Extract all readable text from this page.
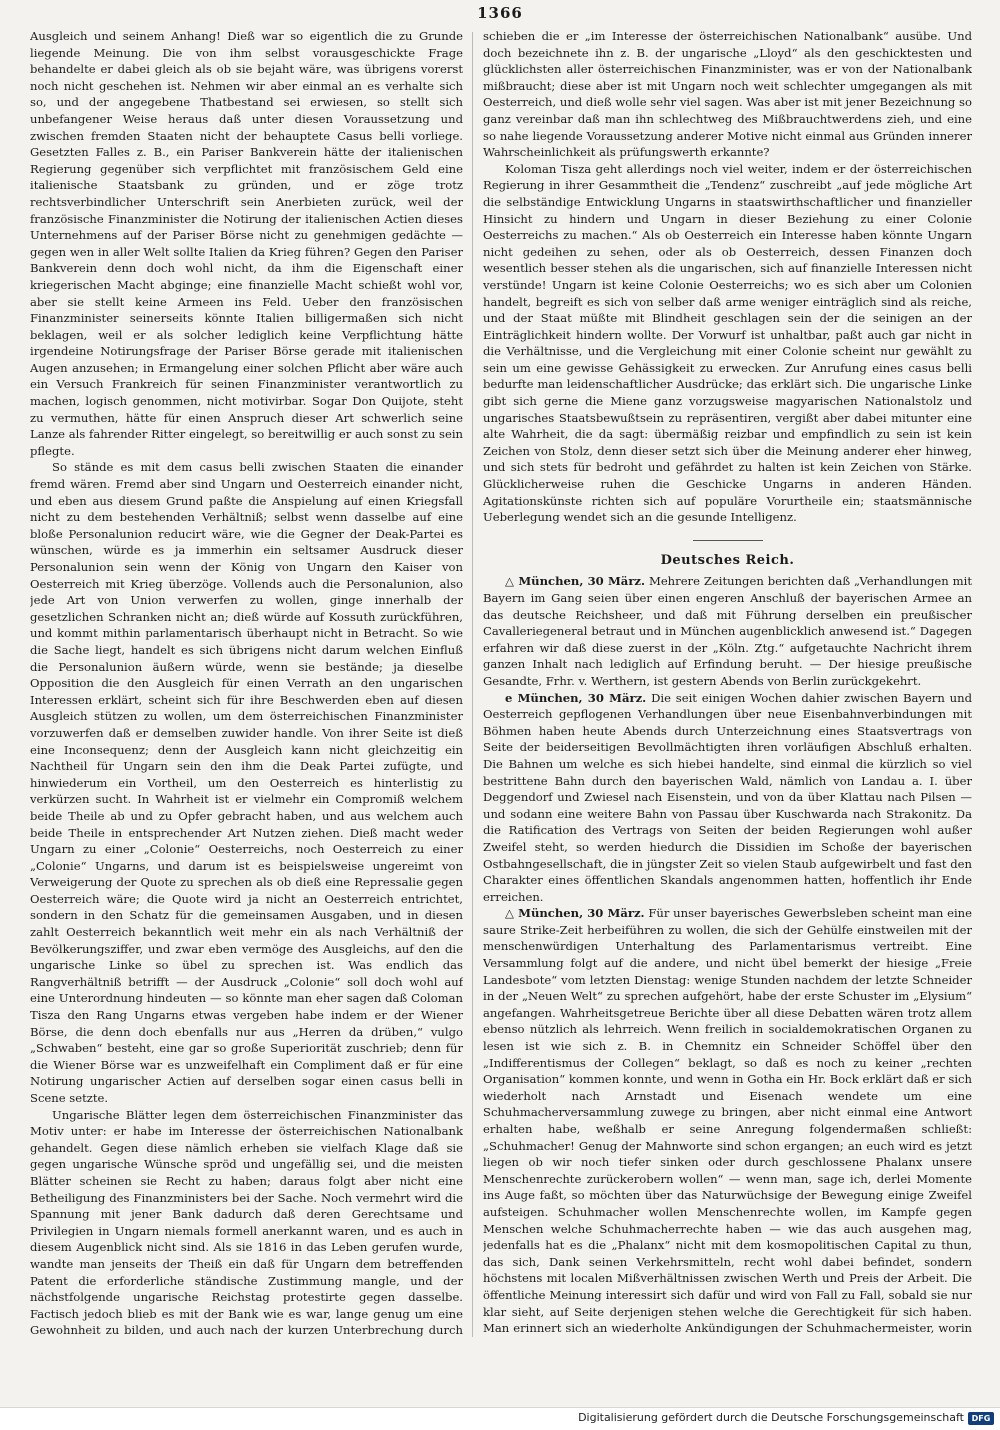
1366

Ausgleich und seinem Anhang! Dieß war so eigentlich die zu Grunde liegende Meinung. Die von ihm selbst vorausgeschickte Frage behandelte er dabei gleich als ob sie bejaht wäre, was übrigens vorerst noch nicht geschehen ist. Nehmen wir aber einmal an es verhalte sich so, und der angegebene Thatbestand sei erwiesen, so stellt sich unbefangener Weise heraus daß unter diesen Voraussetzung und zwischen fremden Staaten nicht der behauptete Casus belli vorliege. Gesetzten Falles z. B., ein Pariser Bankverein hätte der italienischen Regierung gegenüber sich verpflichtet mit französischem Geld eine italienische Staatsbank zu gründen, und er zöge trotz rechtsverbindlicher Unterschrift sein Anerbieten zurück, weil der französische Finanzminister die Notirung der italienischen Actien dieses Unternehmens auf der Pariser Börse nicht zu genehmigen gedächte — gegen wen in aller Welt sollte Italien da Krieg führen? Gegen den Pariser Bankverein denn doch wohl nicht, da ihm die Eigenschaft einer kriegerischen Macht abginge; eine finanzielle Macht schießt wohl vor, aber sie stellt keine Armeen ins Feld. Ueber den französischen Finanzminister seinerseits könnte Italien billigermaßen sich nicht beklagen, weil er als solcher lediglich keine Verpflichtung hätte irgendeine Notirungsfrage der Pariser Börse gerade mit italienischen Augen anzusehen; in Ermangelung einer solchen Pflicht aber wäre auch ein Versuch Frankreich für seinen Finanzminister verantwortlich zu machen, logisch genommen, nicht motivirbar. Sogar Don Quijote, steht zu vermuthen, hätte für einen Anspruch dieser Art schwerlich seine Lanze als fahrender Ritter eingelegt, so bereitwillig er auch sonst zu sein pflegte.

So stände es mit dem casus belli zwischen Staaten die einander fremd wären. Fremd aber sind Ungarn und Oesterreich einander nicht, und eben aus diesem Grund paßte die Anspielung auf einen Kriegsfall nicht zu dem bestehenden Verhältniß; selbst wenn dasselbe auf eine bloße Personalunion reducirt wäre, wie die Gegner der Deak-Partei es wünschen, würde es ja immerhin ein seltsamer Ausdruck dieser Personalunion sein wenn der König von Ungarn den Kaiser von Oesterreich mit Krieg überzöge. Vollends auch die Personalunion, also jede Art von Union verwerfen zu wollen, ginge innerhalb der gesetzlichen Schranken nicht an; dieß würde auf Kossuth zurückführen, und kommt mithin parlamentarisch überhaupt nicht in Betracht. So wie die Sache liegt, handelt es sich übrigens nicht darum welchen Einfluß die Personalunion äußern würde, wenn sie bestände; ja dieselbe Opposition die den Ausgleich für einen Verrath an den ungarischen Interessen erklärt, scheint sich für ihre Beschwerden eben auf diesen Ausgleich stützen zu wollen, um dem österreichischen Finanzminister vorzuwerfen daß er demselben zuwider handle. Von ihrer Seite ist dieß eine Inconsequenz; denn der Ausgleich kann nicht gleichzeitig ein Nachtheil für Ungarn sein den ihm die Deak Partei zufügte, und hinwiederum ein Vortheil, um den Oesterreich es hinterlistig zu verkürzen sucht. In Wahrheit ist er vielmehr ein Compromiß welchem beide Theile ab und zu Opfer gebracht haben, und aus welchem auch beide Theile in entsprechender Art Nutzen ziehen. Dieß macht weder Ungarn zu einer „Colonie“ Oesterreichs, noch Oesterreich zu einer „Colonie“ Ungarns, und darum ist es beispielsweise ungereimt von Verweigerung der Quote zu sprechen als ob dieß eine Repressalie gegen Oesterreich wäre; die Quote wird ja nicht an Oesterreich entrichtet, sondern in den Schatz für die gemeinsamen Ausgaben, und in diesen zahlt Oesterreich bekanntlich weit mehr ein als nach Verhältniß der Bevölkerungsziffer, und zwar eben vermöge des Ausgleichs, auf den die ungarische Linke so übel zu sprechen ist. Was endlich das Rangverhältniß betrifft — der Ausdruck „Colonie“ soll doch wohl auf eine Unterordnung hindeuten — so könnte man eher sagen daß Coloman Tisza den Rang Ungarns etwas vergeben habe indem er der Wiener Börse, die denn doch ebenfalls nur aus „Herren da drüben,“ vulgo „Schwaben“ besteht, eine gar so große Superiorität zuschrieb; denn für die Wiener Börse war es unzweifelhaft ein Compliment daß er für eine Notirung ungarischer Actien auf derselben sogar einen casus belli in Scene setzte.

Ungarische Blätter legen dem österreichischen Finanzminister das Motiv unter: er habe im Interesse der österreichischen Nationalbank gehandelt. Gegen diese nämlich erheben sie vielfach Klage daß sie gegen ungarische Wünsche spröd und ungefällig sei, und die meisten Blätter scheinen sie Recht zu haben; daraus folgt aber nicht eine Betheiligung des Finanzministers bei der Sache. Noch vermehrt wird die Spannung mit jener Bank dadurch daß deren Gerechtsame und Privilegien in Ungarn niemals formell anerkannt waren, und es auch in diesem Augenblick nicht sind. Als sie 1816 in das Leben gerufen wurde, wandte man jenseits der Theiß ein daß für Ungarn dem betreffenden Patent die erforderliche ständische Zustimmung mangle, und der nächstfolgende ungarische Reichstag protestirte gegen dasselbe. Factisch jedoch blieb es mit der Bank wie es war, lange genug um eine Gewohnheit zu bilden, und auch nach der kurzen Unterbrechung durch

schieben die er „im Interesse der österreichischen Nationalbank“ ausübe. Und doch bezeichnete ihn z. B. der ungarische „Lloyd“ als den geschicktesten und glücklichsten aller österreichischen Finanzminister, was er von der Nationalbank mißbraucht; diese aber ist mit Ungarn noch weit schlechter umgegangen als mit Oesterreich, und dieß wolle sehr viel sagen. Was aber ist mit jener Bezeichnung so ganz vereinbar daß man ihn schlechtweg des Mißbrauchtwerdens zieh, und eine so nahe liegende Voraussetzung anderer Motive nicht einmal aus Gründen innerer Wahrscheinlichkeit als prüfungswerth erkannte?

Koloman Tisza geht allerdings noch viel weiter, indem er der österreichischen Regierung in ihrer Gesammtheit die „Tendenz“ zuschreibt „auf jede mögliche Art die selbständige Entwicklung Ungarns in staatswirthschaftlicher und finanzieller Hinsicht zu hindern und Ungarn in dieser Beziehung zu einer Colonie Oesterreichs zu machen.“ Als ob Oesterreich ein Interesse haben könnte Ungarn nicht gedeihen zu sehen, oder als ob Oesterreich, dessen Finanzen doch wesentlich besser stehen als die ungarischen, sich auf finanzielle Interessen nicht verstünde! Ungarn ist keine Colonie Oesterreichs; wo es sich aber um Colonien handelt, begreift es sich von selber daß arme weniger einträglich sind als reiche, und der Staat müßte mit Blindheit geschlagen sein der die seinigen an der Einträglichkeit hindern wollte. Der Vorwurf ist unhaltbar, paßt auch gar nicht in die Verhältnisse, und die Vergleichung mit einer Colonie scheint nur gewählt zu sein um eine gewisse Gehässigkeit zu erwecken. Zur Anrufung eines casus belli bedurfte man leidenschaftlicher Ausdrücke; das erklärt sich. Die ungarische Linke gibt sich gerne die Miene ganz vorzugsweise magyarischen Nationalstolz und ungarisches Staatsbewußtsein zu repräsentiren, vergißt aber dabei mitunter eine alte Wahrheit, die da sagt: übermäßig reizbar und empfindlich zu sein ist kein Zeichen von Stolz, denn dieser setzt sich über die Meinung anderer eher hinweg, und sich stets für bedroht und gefährdet zu halten ist kein Zeichen von Stärke. Glücklicherweise ruhen die Geschicke Ungarns in anderen Händen. Agitationskünste richten sich auf populäre Vorurtheile ein; staatsmännische Ueberlegung wendet sich an die gesunde Intelligenz.

Deutsches Reich.

△ München, 30 März. Mehrere Zeitungen berichten daß „Verhandlungen mit Bayern im Gang seien über einen engeren Anschluß der bayerischen Armee an das deutsche Reichsheer, und daß mit Führung derselben ein preußischer Cavalleriegeneral betraut und in München augenblicklich anwesend ist.“ Dagegen erfahren wir daß diese zuerst in der „Köln. Ztg.“ aufgetauchte Nachricht ihrem ganzen Inhalt nach lediglich auf Erfindung beruht. — Der hiesige preußische Gesandte, Frhr. v. Werthern, ist gestern Abends von Berlin zurückgekehrt.

e München, 30 März. Die seit einigen Wochen dahier zwischen Bayern und Oesterreich gepflogenen Verhandlungen über neue Eisenbahnverbindungen mit Böhmen haben heute Abends durch Unterzeichnung eines Staatsvertrags von Seite der beiderseitigen Bevollmächtigten ihren vorläufigen Abschluß erhalten. Die Bahnen um welche es sich hiebei handelte, sind einmal die kürzlich so viel bestrittene Bahn durch den bayerischen Wald, nämlich von Landau a. I. über Deggendorf und Zwiesel nach Eisenstein, und von da über Klattau nach Pilsen — und sodann eine weitere Bahn von Passau über Kuschwarda nach Strakonitz. Da die Ratification des Vertrags von Seiten der beiden Regierungen wohl außer Zweifel steht, so werden hiedurch die Dissidien im Schoße der bayerischen Ostbahngesellschaft, die in jüngster Zeit so vielen Staub aufgewirbelt und fast den Charakter eines öffentlichen Skandals angenommen hatten, hoffentlich ihr Ende erreichen.

△ München, 30 März. Für unser bayerisches Gewerbsleben scheint man eine saure Strike-Zeit herbeiführen zu wollen, die sich der Gehülfe einstweilen mit der menschenwürdigen Unterhaltung des Parlamentarismus vertreibt. Eine Versammlung folgt auf die andere, und nicht übel bemerkt der hiesige „Freie Landesbote“ vom letzten Dienstag: wenige Stunden nachdem der letzte Schneider in der „Neuen Welt“ zu sprechen aufgehört, habe der erste Schuster im „Elysium“ angefangen. Wahrheitsgetreue Berichte über all diese Debatten wären trotz allem ebenso nützlich als lehrreich. Wenn freilich in socialdemokratischen Organen zu lesen ist wie sich z. B. in Chemnitz ein Schneider Schöffel über den „Indifferentismus der Collegen“ beklagt, so daß es noch zu keiner „rechten Organisation“ kommen konnte, und wenn in Gotha ein Hr. Bock erklärt daß er sich wiederholt nach Arnstadt und Eisenach wendete um eine Schuhmacherversammlung zuwege zu bringen, aber nicht einmal eine Antwort erhalten habe, weßhalb er seine Anregung folgendermaßen schließt: „Schuhmacher! Genug der Mahnworte sind schon ergangen; an euch wird es jetzt liegen ob wir noch tiefer sinken oder durch geschlossene Phalanx unsere Menschenrechte zurückerobern wollen“ — wenn man, sage ich, derlei Momente ins Auge faßt, so möchten über das Naturwüchsige der Bewegung einige Zweifel aufsteigen. Schuhmacher wollen Menschenrechte wollen, im Kampfe gegen Menschen welche Schuhmacherrechte haben — wie das auch ausgehen mag, jedenfalls hat es die „Phalanx“ nicht mit dem kosmopolitischen Capital zu thun, das sich, Dank seinen Verkehrsmitteln, recht wohl dabei befindet, sondern höchstens mit localen Mißverhältnissen zwischen Werth und Preis der Arbeit. Die öffentliche Meinung interessirt sich dafür und wird von Fall zu Fall, sobald sie nur klar sieht, auf Seite derjenigen stehen welche die Gerechtigkeit für sich haben. Man erinnert sich an wiederholte Ankündigungen der Schuhmachermeister, worin

Digitalisierung gefördert durch die Deutsche Forschungsgemeinschaft DFG
